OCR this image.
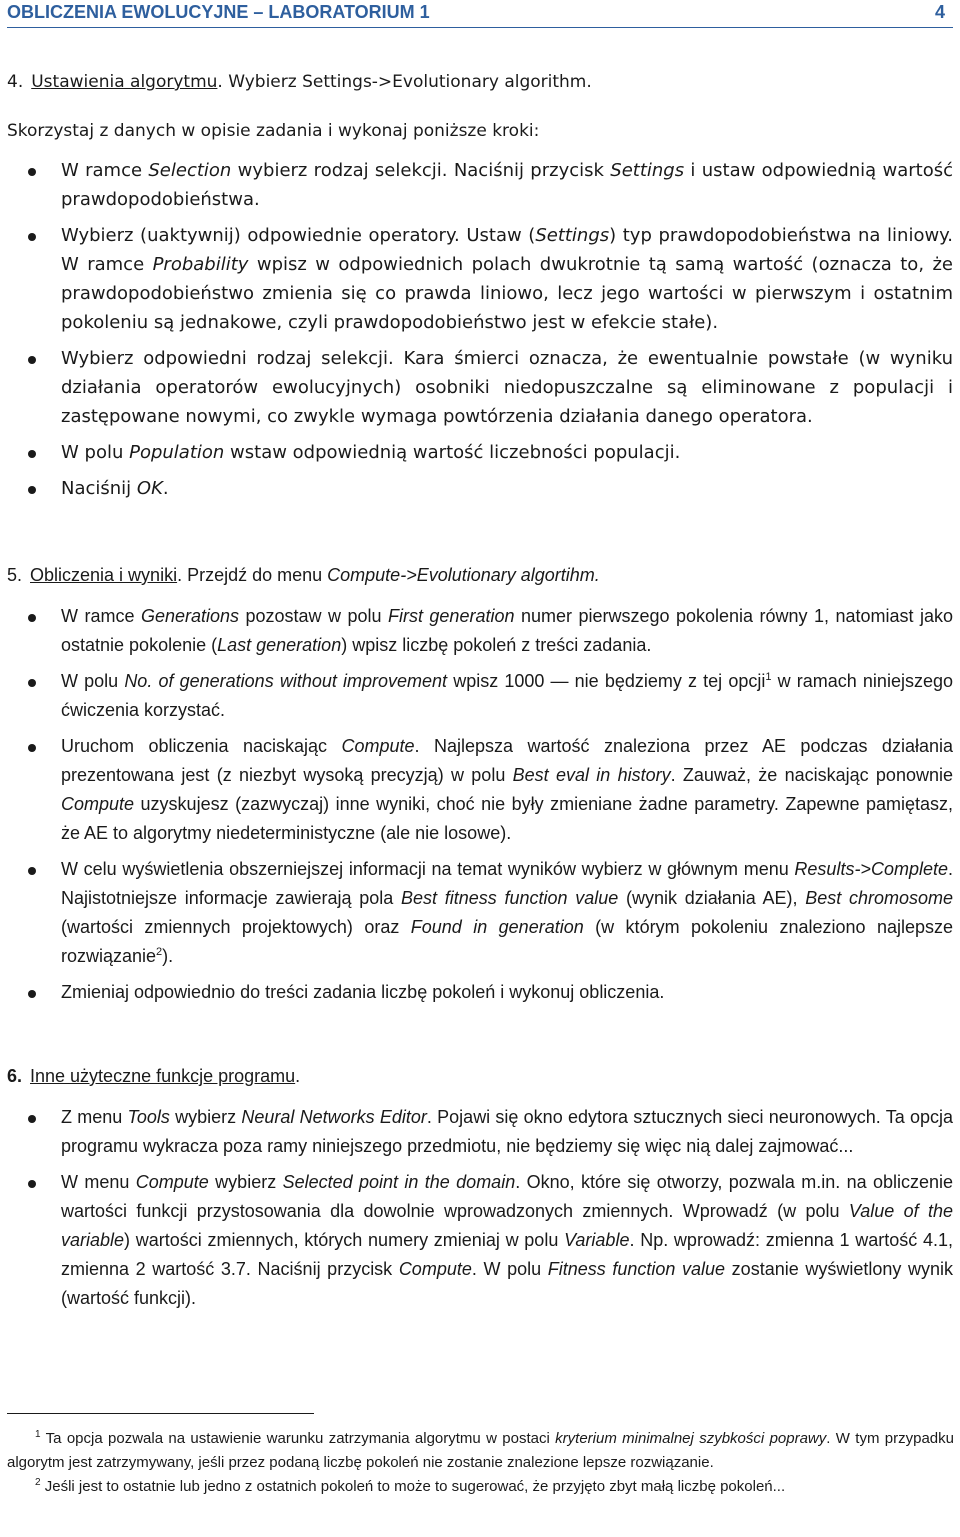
OBLICZENIA EWOLUCYJNE – LABORATORIUM 1	4

4. Ustawienia algorytmu. Wybierz Settings->Evolutionary algorithm.

Skorzystaj z danych w opisie zadania i wykonaj poniższe kroki:

W ramce Selection wybierz rodzaj selekcji. Naciśnij przycisk Settings i ustaw odpowiednią wartość prawdopodobieństwa.
Wybierz (uaktywnij) odpowiednie operatory. Ustaw (Settings) typ prawdopodobieństwa na liniowy. W ramce Probability wpisz w odpowiednich polach dwukrotnie tą samą wartość (oznacza to, że prawdopodobieństwo zmienia się co prawda liniowo, lecz jego wartości w pierwszym i ostatnim pokoleniu są jednakowe, czyli prawdopodobieństwo jest w efekcie stałe).
Wybierz odpowiedni rodzaj selekcji. Kara śmierci oznacza, że ewentualnie powstałe (w wyniku działania operatorów ewolucyjnych) osobniki niedopuszczalne są eliminowane z populacji i zastępowane nowymi, co zwykle wymaga powtórzenia działania danego operatora.
W polu Population wstaw odpowiednią wartość liczebności populacji.
Naciśnij OK.

5. Obliczenia i wyniki. Przejdź do menu Compute->Evolutionary algortihm.

W ramce Generations pozostaw w polu First generation numer pierwszego pokolenia równy 1, natomiast jako ostatnie pokolenie (Last generation) wpisz liczbę pokoleń z treści zadania.
W polu No. of generations without improvement wpisz 1000 — nie będziemy z tej opcji$^1$ w ramach niniejszego ćwiczenia korzystać.
Uruchom obliczenia naciskając Compute. Najlepsza wartość znaleziona przez AE podczas działania prezentowana jest (z niezbyt wysoką precyzją) w polu Best eval in history. Zauważ, że naciskając ponownie Compute uzyskujesz (zazwyczaj) inne wyniki, choć nie były zmieniane żadne parametry. Zapewne pamiętasz, że AE to algorytmy niedeterministyczne (ale nie losowe).
W celu wyświetlenia obszerniejszej informacji na temat wyników wybierz w głównym menu Results->Complete. Najistotniejsze informacje zawierają pola Best fitness function value (wynik działania AE), Best chromosome (wartości zmiennych projektowych) oraz Found in generation (w którym pokoleniu znaleziono najlepsze rozwiązanie$^2$).
Zmieniaj odpowiednio do treści zadania liczbę pokoleń i wykonuj obliczenia.

6. Inne użyteczne funkcje programu.

Z menu Tools wybierz Neural Networks Editor. Pojawi się okno edytora sztucznych sieci neuronowych. Ta opcja programu wykracza poza ramy niniejszego przedmiotu, nie będziemy się więc nią dalej zajmować...
W menu Compute wybierz Selected point in the domain. Okno, które się otworzy, pozwala m.in. na obliczenie wartości funkcji przystosowania dla dowolnie wprowadzonych zmiennych. Wprowadź (w polu Value of the variable) wartości zmiennych, których numery zmieniaj w polu Variable. Np. wprowadź: zmienna 1 wartość 4.1, zmienna 2 wartość 3.7. Naciśnij przycisk Compute. W polu Fitness function value zostanie wyświetlony wynik (wartość funkcji).

$^1$ Ta opcja pozwala na ustawienie warunku zatrzymania algorytmu w postaci kryterium minimalnej szybkości poprawy. W tym przypadku algorytm jest zatrzymywany, jeśli przez podaną liczbę pokoleń nie zostanie znalezione lepsze rozwiązanie.

$^2$ Jeśli jest to ostatnie lub jedno z ostatnich pokoleń to może to sugerować, że przyjęto zbyt małą liczbę pokoleń...
